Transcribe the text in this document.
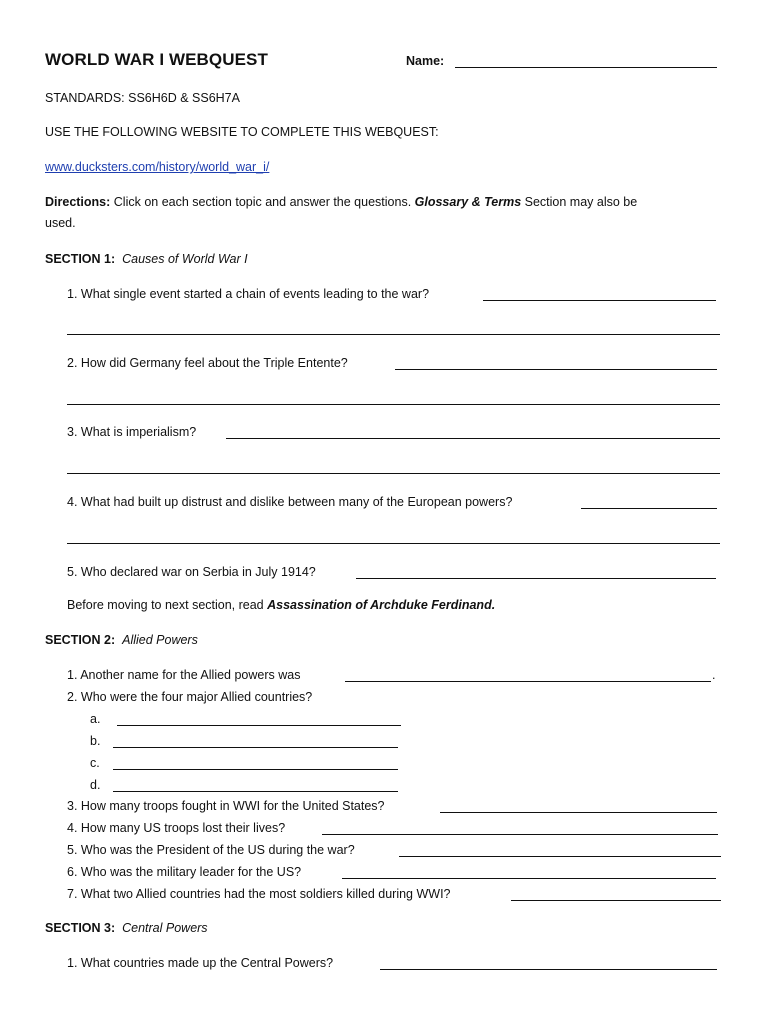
WORLD WAR I WEBQUEST	Name:
STANDARDS: SS6H6D & SS6H7A
USE THE FOLLOWING WEBSITE TO COMPLETE THIS WEBQUEST:
www.ducksters.com/history/world_war_i/
Directions: Click on each section topic and answer the questions. Glossary & Terms Section may also be
used.
SECTION 1: Causes of World War I
1. What single event started a chain of events leading to the war?
2. How did Germany feel about the Triple Entente?
3. What is imperialism?
4. What had built up distrust and dislike between many of the European powers?
5. Who declared war on Serbia in July 1914?
Before moving to next section, read Assassination of Archduke Ferdinand.
SECTION 2: Allied Powers
1. Another name for the Allied powers was	.
2. Who were the four major Allied countries?
a.
b.
c.
d.
3. How many troops fought in WWI for the United States?
4. How many US troops lost their lives?
5. Who was the President of the US during the war?
6. Who was the military leader for the US?
7. What two Allied countries had the most soldiers killed during WWI?
SECTION 3: Central Powers
1. What countries made up the Central Powers?
